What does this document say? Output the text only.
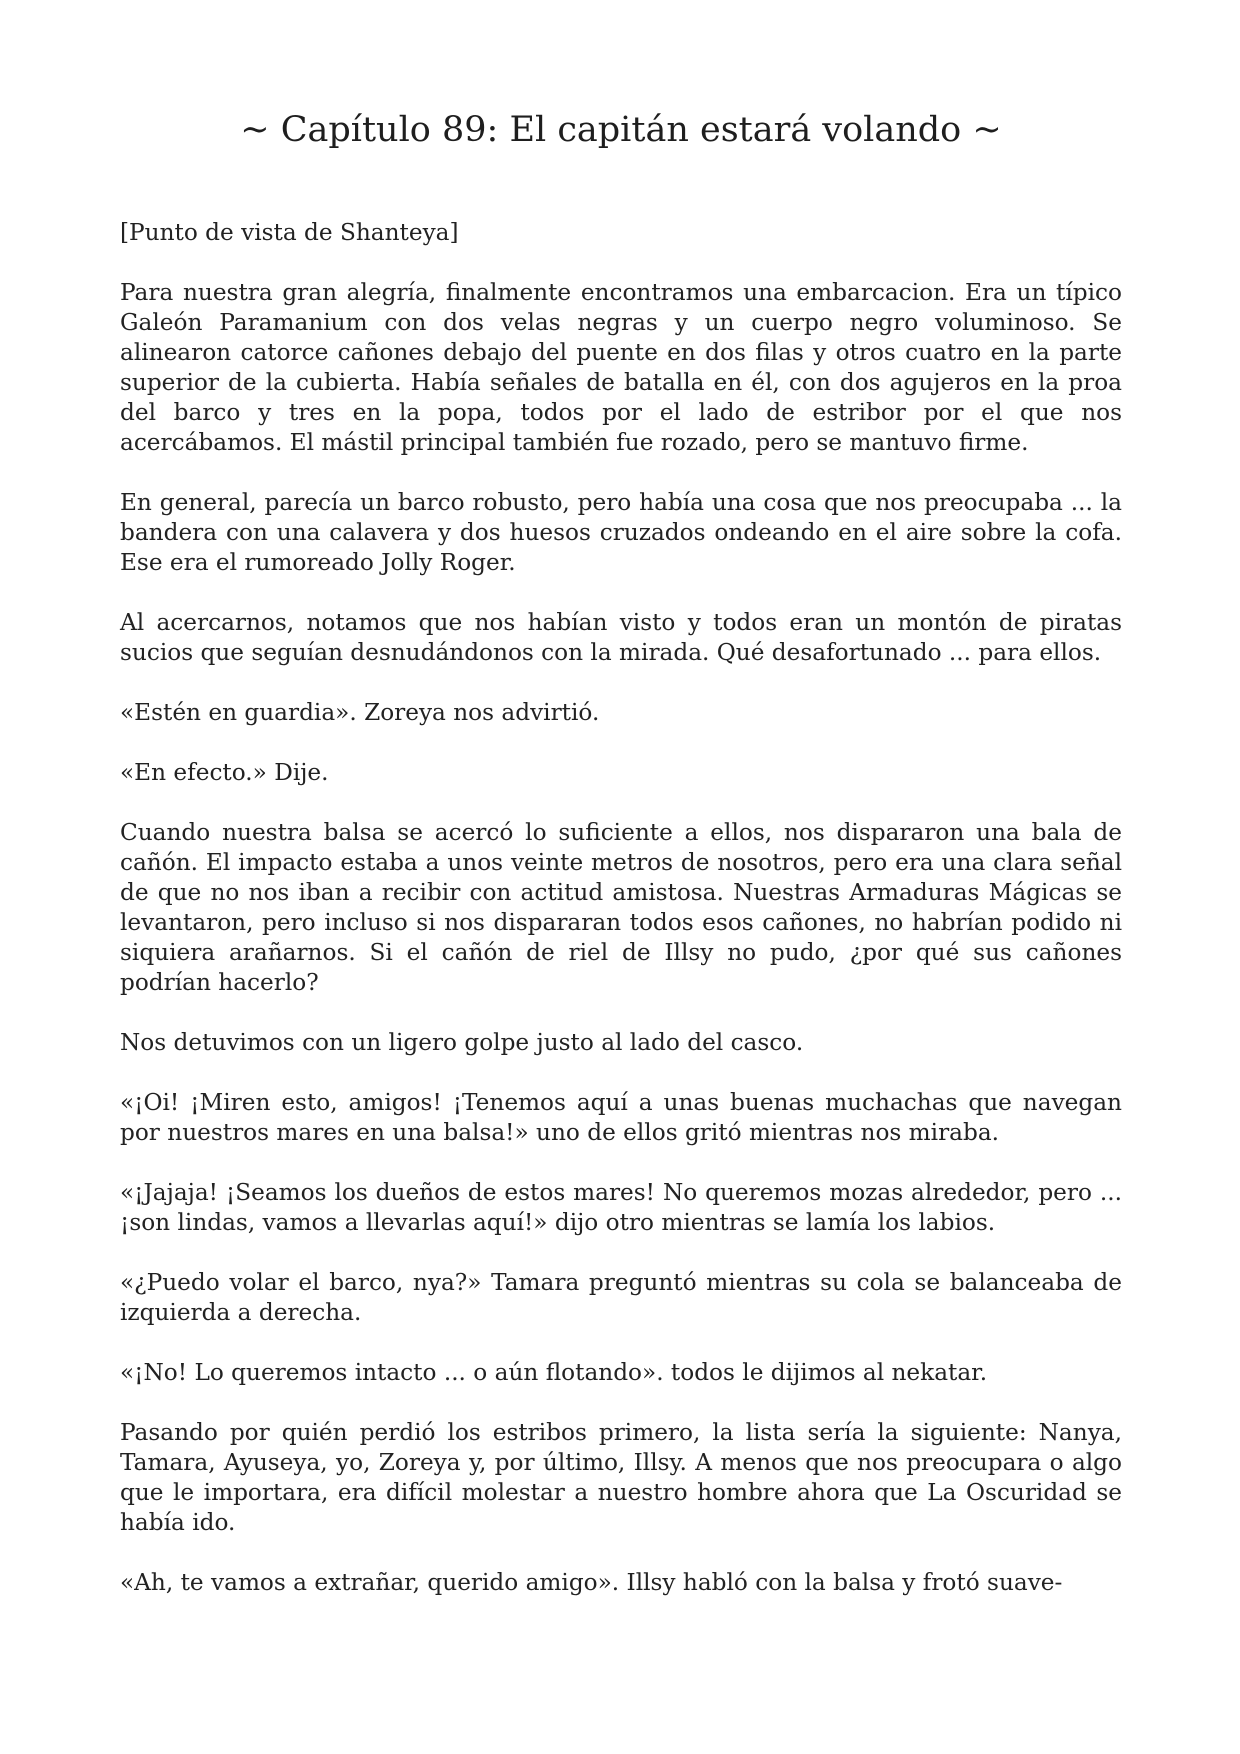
~ Capítulo 89: El capitán estará volando ~

[Punto de vista de Shanteya]

Para nuestra gran alegría, finalmente encontramos una embarcacion. Era un típico Galeón Paramanium con dos velas negras y un cuerpo negro voluminoso. Se alinearon catorce cañones debajo del puente en dos filas y otros cuatro en la parte superior de la cubierta. Había señales de batalla en él, con dos agujeros en la proa del barco y tres en la popa, todos por el lado de estribor por el que nos acercábamos. El mástil principal también fue rozado, pero se mantuvo firme.

En general, parecía un barco robusto, pero había una cosa que nos preocupaba ... la bandera con una calavera y dos huesos cruzados ondeando en el aire sobre la cofa. Ese era el rumoreado Jolly Roger.

Al acercarnos, notamos que nos habían visto y todos eran un montón de piratas sucios que seguían desnudándonos con la mirada. Qué desafortunado ... para ellos.

«Estén en guardia». Zoreya nos advirtió.

«En efecto.» Dije.

Cuando nuestra balsa se acercó lo suficiente a ellos, nos dispararon una bala de cañón. El impacto estaba a unos veinte metros de nosotros, pero era una clara señal de que no nos iban a recibir con actitud amistosa. Nuestras Armaduras Mágicas se levantaron, pero incluso si nos dispararan todos esos cañones, no habrían podido ni siquiera arañarnos. Si el cañón de riel de Illsy no pudo, ¿por qué sus cañones podrían hacerlo?

Nos detuvimos con un ligero golpe justo al lado del casco.

«¡Oi! ¡Miren esto, amigos! ¡Tenemos aquí a unas buenas muchachas que navegan por nuestros mares en una balsa!» uno de ellos gritó mientras nos miraba.

«¡Jajaja! ¡Seamos los dueños de estos mares! No queremos mozas alrededor, pero ... ¡son lindas, vamos a llevarlas aquí!» dijo otro mientras se lamía los labios.

«¿Puedo volar el barco, nya?» Tamara preguntó mientras su cola se balanceaba de izquierda a derecha.

«¡No! Lo queremos intacto ... o aún flotando». todos le dijimos al nekatar.

Pasando por quién perdió los estribos primero, la lista sería la siguiente: Nanya, Tamara, Ayuseya, yo, Zoreya y, por último, Illsy. A menos que nos preocupara o algo que le importara, era difícil molestar a nuestro hombre ahora que La Oscuridad se había ido.

«Ah, te vamos a extrañar, querido amigo». Illsy habló con la balsa y frotó suave-
